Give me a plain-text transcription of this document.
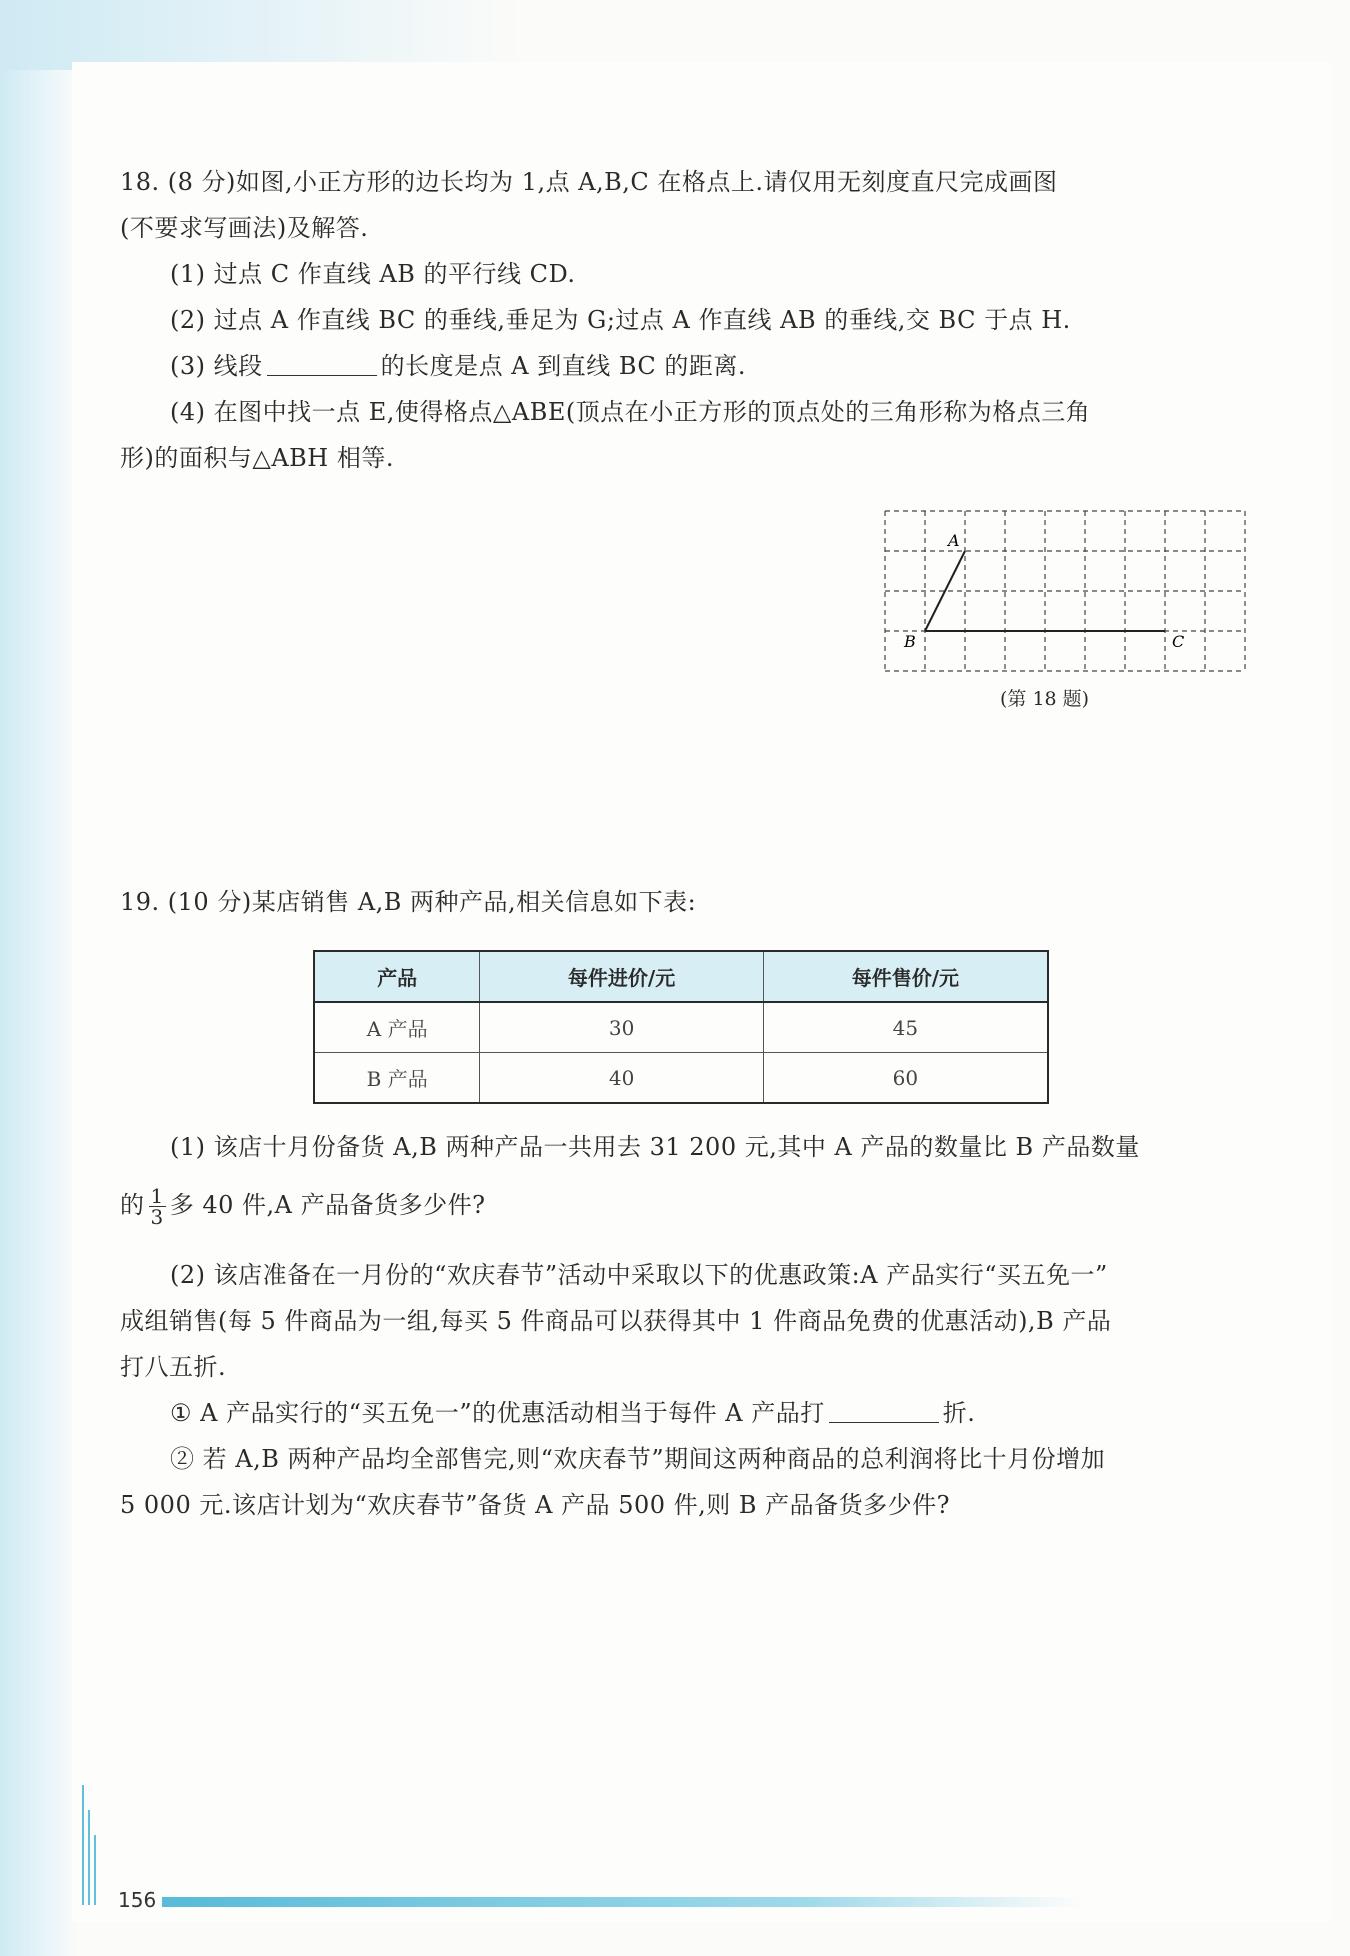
18. (8 分)如图,小正方形的边长均为 1,点 A,B,C 在格点上.请仅用无刻度直尺完成画图
(不要求写画法)及解答.
(1) 过点 C 作直线 AB 的平行线 CD.
(2) 过点 A 作直线 BC 的垂线,垂足为 G;过点 A 作直线 AB 的垂线,交 BC 于点 H.
(3) 线段	的长度是点 A 到直线 BC 的距离.
(4) 在图中找一点 E,使得格点△ABE(顶点在小正方形的顶点处的三角形称为格点三角
形)的面积与△ABH 相等.
A
B	C
(第 18 题)
19. (10 分)某店销售 A,B 两种产品,相关信息如下表:
产品	每件进价/元	每件售价/元
A 产品	30	45
B 产品	40	60
(1) 该店十月份备货 A,B 两种产品一共用去 31 200 元,其中 A 产品的数量比 B 产品数量
的 $\frac{1}{3}$ 多 40 件,A 产品备货多少件?
(2) 该店准备在一月份的“欢庆春节”活动中采取以下的优惠政策:A 产品实行“买五免一”
成组销售(每 5 件商品为一组,每买 5 件商品可以获得其中 1 件商品免费的优惠活动),B 产品
打八五折.
① A 产品实行的“买五免一”的优惠活动相当于每件 A 产品打	折.
② 若 A,B 两种产品均全部售完,则“欢庆春节”期间这两种商品的总利润将比十月份增加
5 000 元.该店计划为“欢庆春节”备货 A 产品 500 件,则 B 产品备货多少件?
156
